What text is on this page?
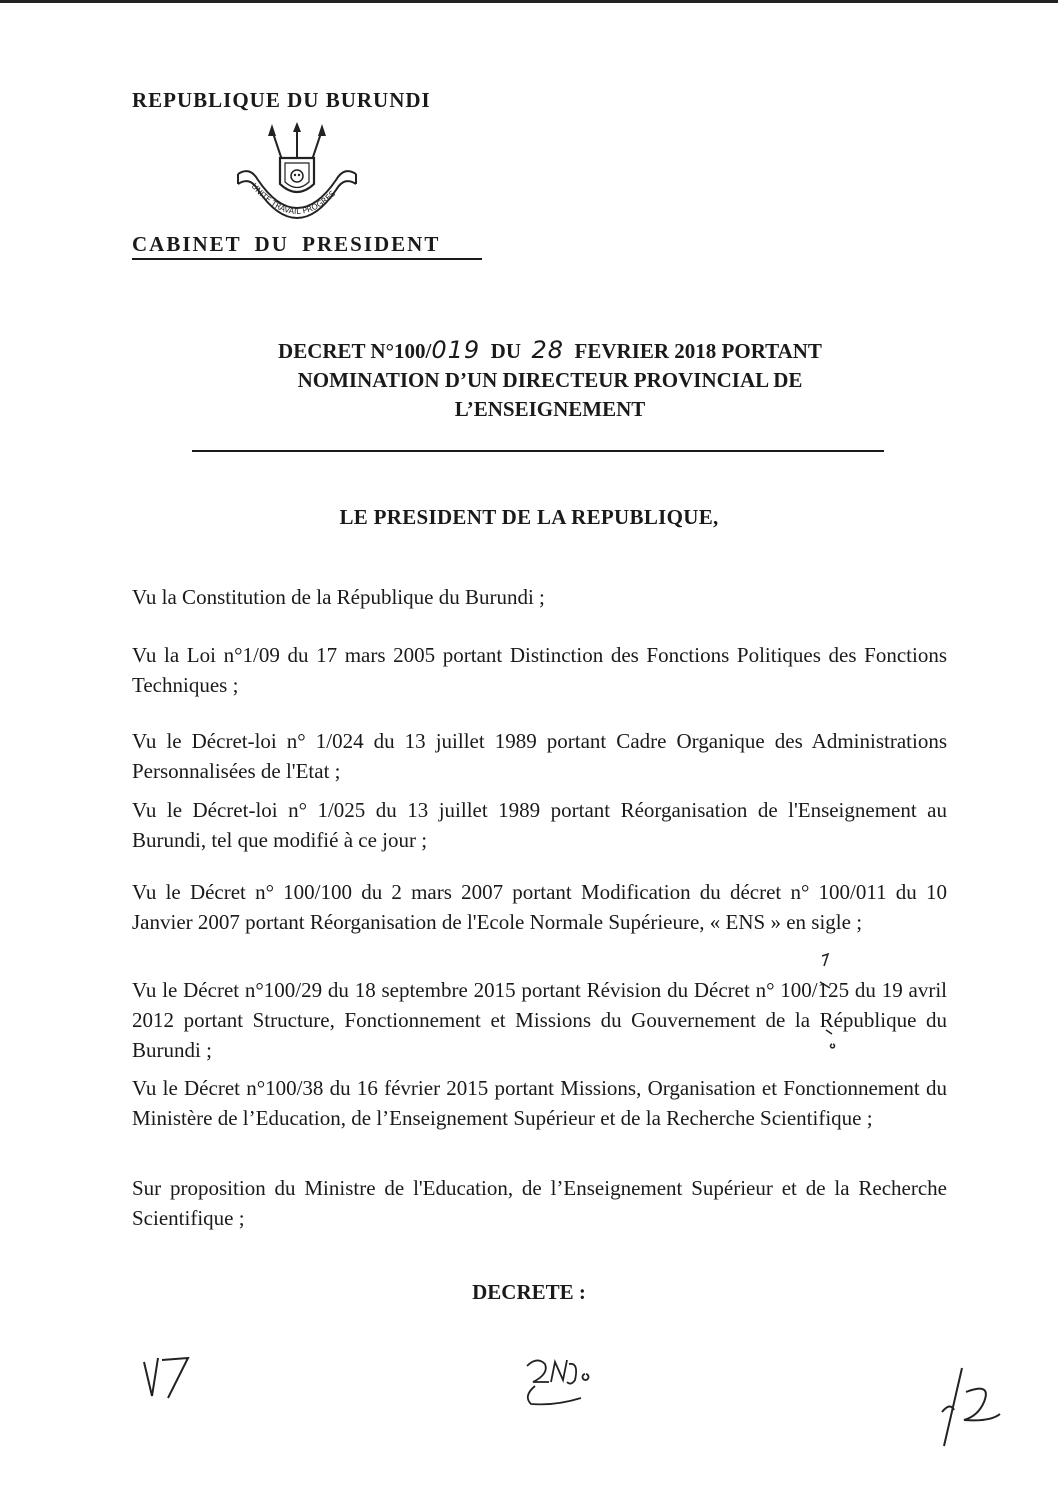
REPUBLIQUE DU BURUNDI
UNITE TRAVAIL PROGRES
CABINET DU PRESIDENT
DECRET N°100/019 DU 28 FEVRIER 2018 PORTANT
NOMINATION D’UN DIRECTEUR PROVINCIAL DE
L’ENSEIGNEMENT
LE PRESIDENT DE LA REPUBLIQUE,
Vu la Constitution de la République du Burundi ;
Vu la Loi n°1/09 du 17 mars 2005 portant Distinction des Fonctions Politiques des Fonctions Techniques ;
Vu le Décret-loi n° 1/024 du 13 juillet 1989 portant Cadre Organique des Administrations Personnalisées de l'Etat ;
Vu le Décret-loi n° 1/025 du 13 juillet 1989 portant Réorganisation de l'Enseignement au Burundi, tel que modifié à ce jour ;
Vu le Décret n° 100/100 du 2 mars 2007 portant Modification du décret n° 100/011 du 10 Janvier 2007 portant Réorganisation de l'Ecole Normale Supérieure, « ENS » en sigle ;
Vu le Décret n°100/29 du 18 septembre 2015 portant Révision du Décret n° 100/125 du 19 avril 2012 portant Structure, Fonctionnement et Missions du Gouvernement de la République du Burundi ;
Vu le Décret n°100/38 du 16 février 2015 portant Missions, Organisation et Fonctionnement du Ministère de l’Education, de l’Enseignement Supérieur et de la Recherche Scientifique ;
Sur proposition du Ministre de l'Education, de l’Enseignement Supérieur et de la Recherche Scientifique ;
DECRETE :
